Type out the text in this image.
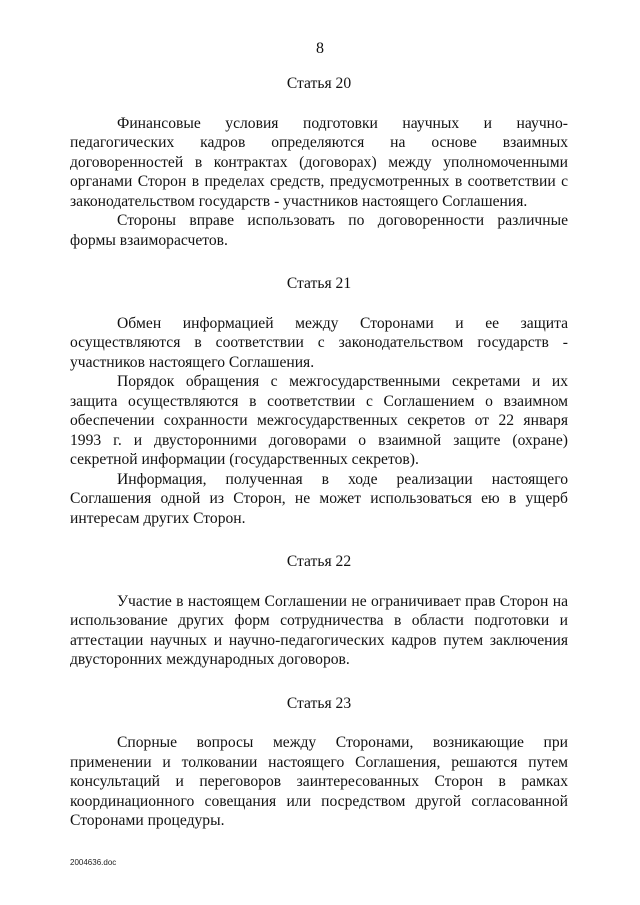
8
Статья 20

Финансовые условия подготовки научных и научно-педагогических кадров определяются на основе взаимных договоренностей в контрактах (договорах) между уполномоченными органами Сторон в пределах средств, предусмотренных в соответствии с законодательством государств - участников настоящего Соглашения.

Стороны вправе использовать по договоренности различные формы взаиморасчетов.

Статья 21

Обмен информацией между Сторонами и ее защита осуществляются в соответствии с законодательством государств - участников настоящего Соглашения.

Порядок обращения с межгосударственными секретами и их защита осуществляются в соответствии с Соглашением о взаимном обеспечении сохранности межгосударственных секретов от 22 января 1993 г. и двусторонними договорами о взаимной защите (охране) секретной информации (государственных секретов).

Информация, полученная в ходе реализации настоящего Соглашения одной из Сторон, не может использоваться ею в ущерб интересам других Сторон.

Статья 22

Участие в настоящем Соглашении не ограничивает прав Сторон на использование других форм сотрудничества в области подготовки и аттестации научных и научно-педагогических кадров путем заключения двусторонних международных договоров.

Статья 23

Спорные вопросы между Сторонами, возникающие при применении и толковании настоящего Соглашения, решаются путем консультаций и переговоров заинтересованных Сторон в рамках координационного совещания или посредством другой согласованной Сторонами процедуры.

2004636.doc
